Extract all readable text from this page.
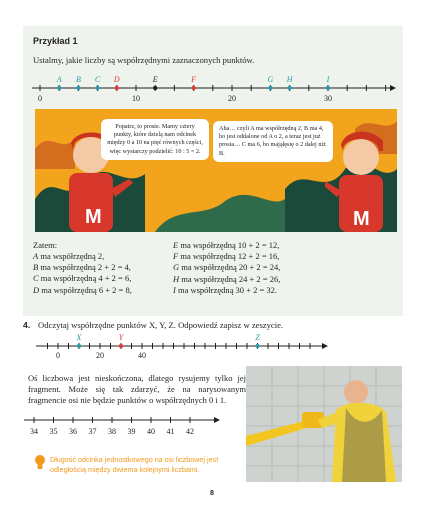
Przykład 1
Ustalmy, jakie liczby są współrzędnymi zaznaczonych punktów.
0	10	20	30
A B C D	E	F	G H	I
M	M
Popatrz, to proste. Mamy cztery punkty, które dzielą nam odcinek między 0 a 10 na pięć równych części, więc wystarczy podzielić: 10 : 5 = 2.
Aha… czyli A ma współrzędną 2, B ma 4, bo jest oddalone od A o 2, a teraz jest już prosta… C ma 6, bo mająłęsię o 2 dalej niż B.
Zatem:
A ma współrzędną 2,
B ma współrzędną 2 + 2 = 4,
C ma współrzędną 4 + 2 = 6,
D ma współrzędną 6 + 2 = 8,
E ma współrzędną 10 + 2 = 12,
F ma współrzędną 12 + 2 = 16,
G ma współrzędną 20 + 2 = 24,
H ma współrzędną 24 + 2 = 26,
I ma współrzędną 30 + 2 = 32.
4. Odczytaj współrzędne punktów X, Y, Z. Odpowiedź zapisz w zeszycie.
0	20	40
X	Y	Z
Oś liczbowa jest nieskończona, dlatego rysujemy tylko jej fragment. Może się tak zdarzyć, że na narysowanym fragmencie osi nie będzie punktów o współrzędnych 0 i 1.
34 35 36 37 38 39 40 41 42
Długość odcinka jednostkowego na osi liczbowej jest odległością między dwiema kolejnymi liczbami.
8
